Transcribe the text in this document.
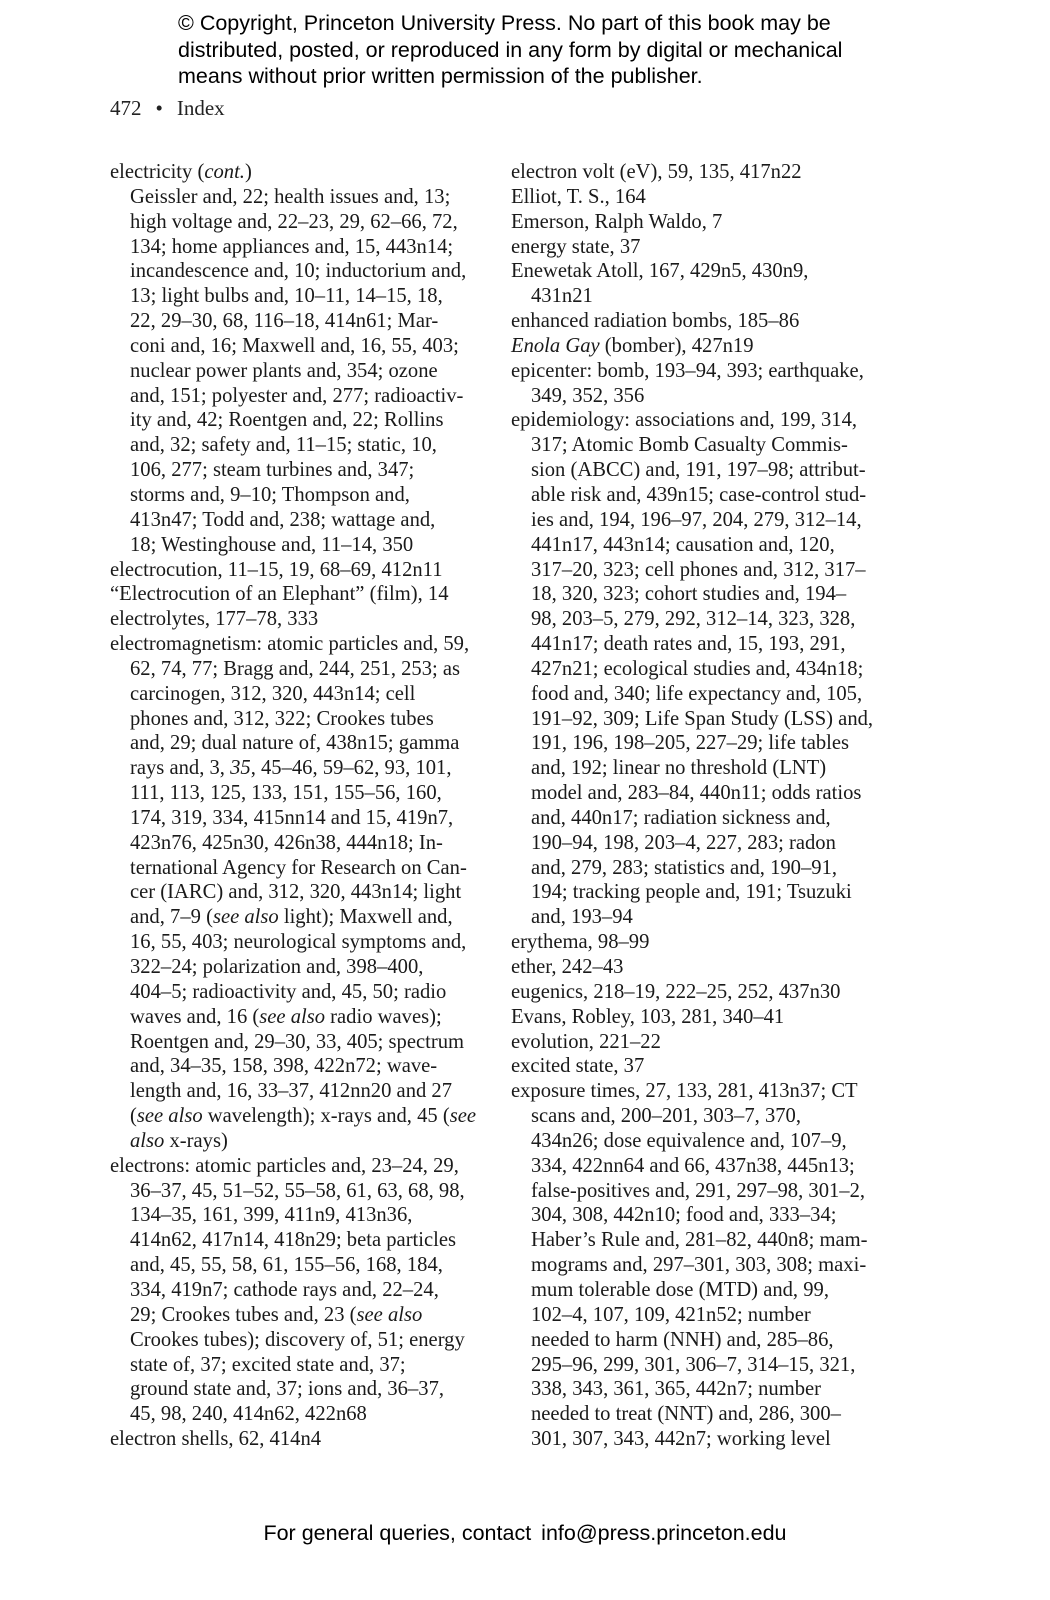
© Copyright, Princeton University Press. No part of this book may be
distributed, posted, or reproduced in any form by digital or mechanical
means without prior written permission of the publisher.
472 • Index
electricity (cont.)
Geissler and, 22; health issues and, 13;
high voltage and, 22–23, 29, 62–66, 72,
134; home appliances and, 15, 443n14;
incandescence and, 10; inductorium and,
13; light bulbs and, 10–11, 14–15, 18,
22, 29–30, 68, 116–18, 414n61; Mar-
coni and, 16; Maxwell and, 16, 55, 403;
nuclear power plants and, 354; ozone
and, 151; polyester and, 277; radioactiv-
ity and, 42; Roentgen and, 22; Rollins
and, 32; safety and, 11–15; static, 10,
106, 277; steam turbines and, 347;
storms and, 9–10; Thompson and,
413n47; Todd and, 238; wattage and,
18; Westinghouse and, 11–14, 350
electrocution, 11–15, 19, 68–69, 412n11
“Electrocution of an Elephant” (film), 14
electrolytes, 177–78, 333
electromagnetism: atomic particles and, 59,
62, 74, 77; Bragg and, 244, 251, 253; as
carcinogen, 312, 320, 443n14; cell
phones and, 312, 322; Crookes tubes
and, 29; dual nature of, 438n15; gamma
rays and, 3, 35, 45–46, 59–62, 93, 101,
111, 113, 125, 133, 151, 155–56, 160,
174, 319, 334, 415nn14 and 15, 419n7,
423n76, 425n30, 426n38, 444n18; In-
ternational Agency for Research on Can-
cer (IARC) and, 312, 320, 443n14; light
and, 7–9 (see also light); Maxwell and,
16, 55, 403; neurological symptoms and,
322–24; polarization and, 398–400,
404–5; radioactivity and, 45, 50; radio
waves and, 16 (see also radio waves);
Roentgen and, 29–30, 33, 405; spectrum
and, 34–35, 158, 398, 422n72; wave-
length and, 16, 33–37, 412nn20 and 27
(see also wavelength); x-rays and, 45 (see
also x-rays)
electrons: atomic particles and, 23–24, 29,
36–37, 45, 51–52, 55–58, 61, 63, 68, 98,
134–35, 161, 399, 411n9, 413n36,
414n62, 417n14, 418n29; beta particles
and, 45, 55, 58, 61, 155–56, 168, 184,
334, 419n7; cathode rays and, 22–24,
29; Crookes tubes and, 23 (see also
Crookes tubes); discovery of, 51; energy
state of, 37; excited state and, 37;
ground state and, 37; ions and, 36–37,
45, 98, 240, 414n62, 422n68
electron shells, 62, 414n4
electron volt (eV), 59, 135, 417n22
Elliot, T. S., 164
Emerson, Ralph Waldo, 7
energy state, 37
Enewetak Atoll, 167, 429n5, 430n9,
431n21
enhanced radiation bombs, 185–86
Enola Gay (bomber), 427n19
epicenter: bomb, 193–94, 393; earthquake,
349, 352, 356
epidemiology: associations and, 199, 314,
317; Atomic Bomb Casualty Commis-
sion (ABCC) and, 191, 197–98; attribut-
able risk and, 439n15; case-control stud-
ies and, 194, 196–97, 204, 279, 312–14,
441n17, 443n14; causation and, 120,
317–20, 323; cell phones and, 312, 317–
18, 320, 323; cohort studies and, 194–
98, 203–5, 279, 292, 312–14, 323, 328,
441n17; death rates and, 15, 193, 291,
427n21; ecological studies and, 434n18;
food and, 340; life expectancy and, 105,
191–92, 309; Life Span Study (LSS) and,
191, 196, 198–205, 227–29; life tables
and, 192; linear no threshold (LNT)
model and, 283–84, 440n11; odds ratios
and, 440n17; radiation sickness and,
190–94, 198, 203–4, 227, 283; radon
and, 279, 283; statistics and, 190–91,
194; tracking people and, 191; Tsuzuki
and, 193–94
erythema, 98–99
ether, 242–43
eugenics, 218–19, 222–25, 252, 437n30
Evans, Robley, 103, 281, 340–41
evolution, 221–22
excited state, 37
exposure times, 27, 133, 281, 413n37; CT
scans and, 200–201, 303–7, 370,
434n26; dose equivalence and, 107–9,
334, 422nn64 and 66, 437n38, 445n13;
false-positives and, 291, 297–98, 301–2,
304, 308, 442n10; food and, 333–34;
Haber’s Rule and, 281–82, 440n8; mam-
mograms and, 297–301, 303, 308; maxi-
mum tolerable dose (MTD) and, 99,
102–4, 107, 109, 421n52; number
needed to harm (NNH) and, 285–86,
295–96, 299, 301, 306–7, 314–15, 321,
338, 343, 361, 365, 442n7; number
needed to treat (NNT) and, 286, 300–
301, 307, 343, 442n7; working level
For general queries, contact info@press.princeton.edu
